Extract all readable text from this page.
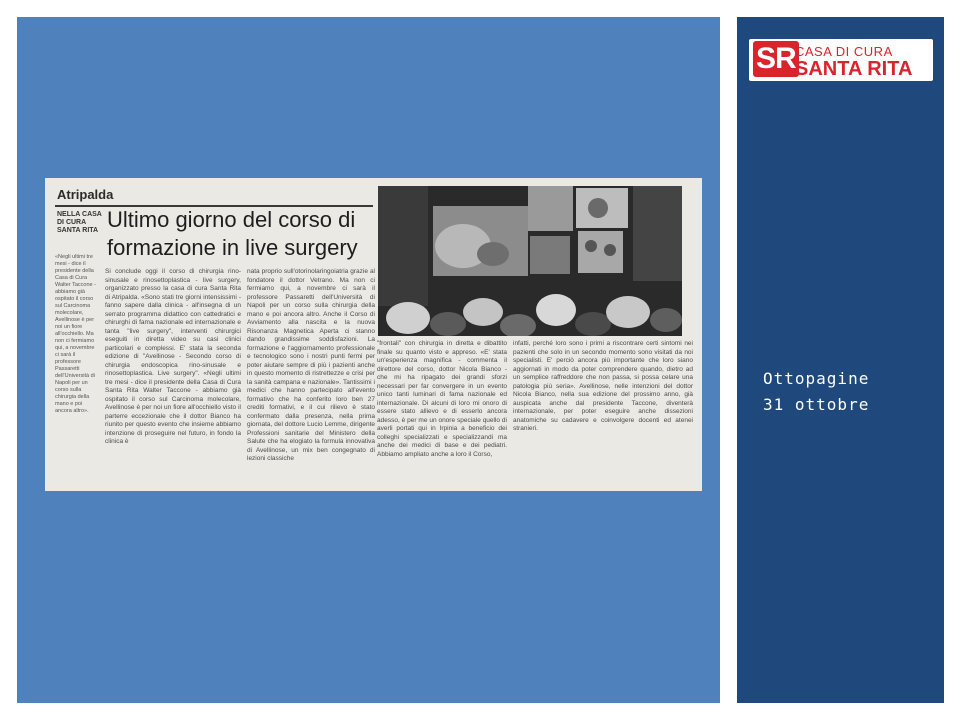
Atripalda
NELLA CASA DI CURA SANTA RITA Ultimo giorno del corso di formazione in live surgery
«Negli ultimi tre mesi - dice il presidente della Casa di Cura Walter Taccone - abbiamo già ospitato il corso sul Carcinoma molecolare, Avellinose è per noi un fiore all'occhiello. Ma non ci fermiamo qui, a novembre ci sarà il professore Passaretti dell'Università di Napoli per un corso sulla chirurgia della mano e poi ancora altro».
Si conclude oggi il corso di chirurgia rino-sinusale e rinosettoplastica - live surgery, organizzato presso la casa di cura Santa Rita di Atripalda. «Sono stati tre giorni intensissimi - fanno sapere dalla clinica - all'insegna di un serrato programma didattico con cattedratici e chirurghi di fama nazionale ed internazionale e tanta "live surgery", interventi chirurgici eseguiti in diretta video su casi clinici particolari e complessi. E' stata la seconda edizione di "Avellinose - Secondo corso di chirurgia endoscopica rino-sinusale e rinosettoplastica. Live surgery". «Negli ultimi tre mesi - dice il presidente della Casa di Cura Santa Rita Walter Taccone - abbiamo già ospitato il corso sul Carcinoma molecolare, Avellinose è per noi un fiore all'occhiello visto il parterre eccezionale che il dottor Bianco ha riunito per questo evento che insieme abbiamo intenzione di proseguire nel futuro, in fondo la clinica è
nata proprio sull'otorinolaringoiatria grazie al fondatore il dottor Vetrano. Ma non ci fermiamo qui, a novembre ci sarà il professore Passaretti dell'Università di Napoli per un corso sulla chirurgia della mano e poi ancora altro. Anche il Corso di Avviamento alla nascita e la nuova Risonanza Magnetica Aperta ci stanno dando grandissime soddisfazioni. La formazione e l'aggiornamento professionale e tecnologico sono i nostri punti fermi per poter aiutare sempre di più i pazienti anche in questo momento di ristrettezze e crisi per la sanità campana e nazionale». Tantissimi i medici che hanno partecipato all'evento formativo che ha conferito loro ben 27 crediti formativi, e il cui rilievo è stato confermato dalla presenza, nella prima giornata, del dottore Lucio Lemme, dirigente Professioni sanitarie del Ministero della Salute che ha elogiato la formula innovativa di Avellinose, un mix ben congegnato di lezioni classiche
"frontali" con chirurgia in diretta e dibattito finale su quanto visto e appreso. «E' stata un'esperienza magnifica - commenta il direttore del corso, dottor Nicola Bianco - che mi ha ripagato dei grandi sforzi necessari per far convergere in un evento unico tanti luminari di fama nazionale ed internazionale. Di alcuni di loro mi onoro di essere stato allievo e di esserlo ancora adesso, è per me un onore speciale quello di averli portati qui in Irpinia a beneficio dei colleghi specializzati e specializzandi ma anche dei medici di base e dei pediatri. Abbiamo ampliato anche a loro il Corso,
infatti, perché loro sono i primi a riscontrare certi sintomi nei pazienti che solo in un secondo momento sono visitati da noi specialisti. E' perciò ancora più importante che loro siano aggiornati in modo da poter comprendere quando, dietro ad un semplice raffreddore che non passa, si possa celare una patologia più seria». Avellinose, nelle intenzioni del dottor Nicola Bianco, nella sua edizione del prossimo anno, già auspicata anche dal presidente Taccone, diventerà internazionale, per poter eseguire anche dissezioni anatomiche su cadavere e coinvolgere docenti ed atenei stranieri.
SR CASA DI CURA
SANTA RITA
Ottopagine
31 ottobre
